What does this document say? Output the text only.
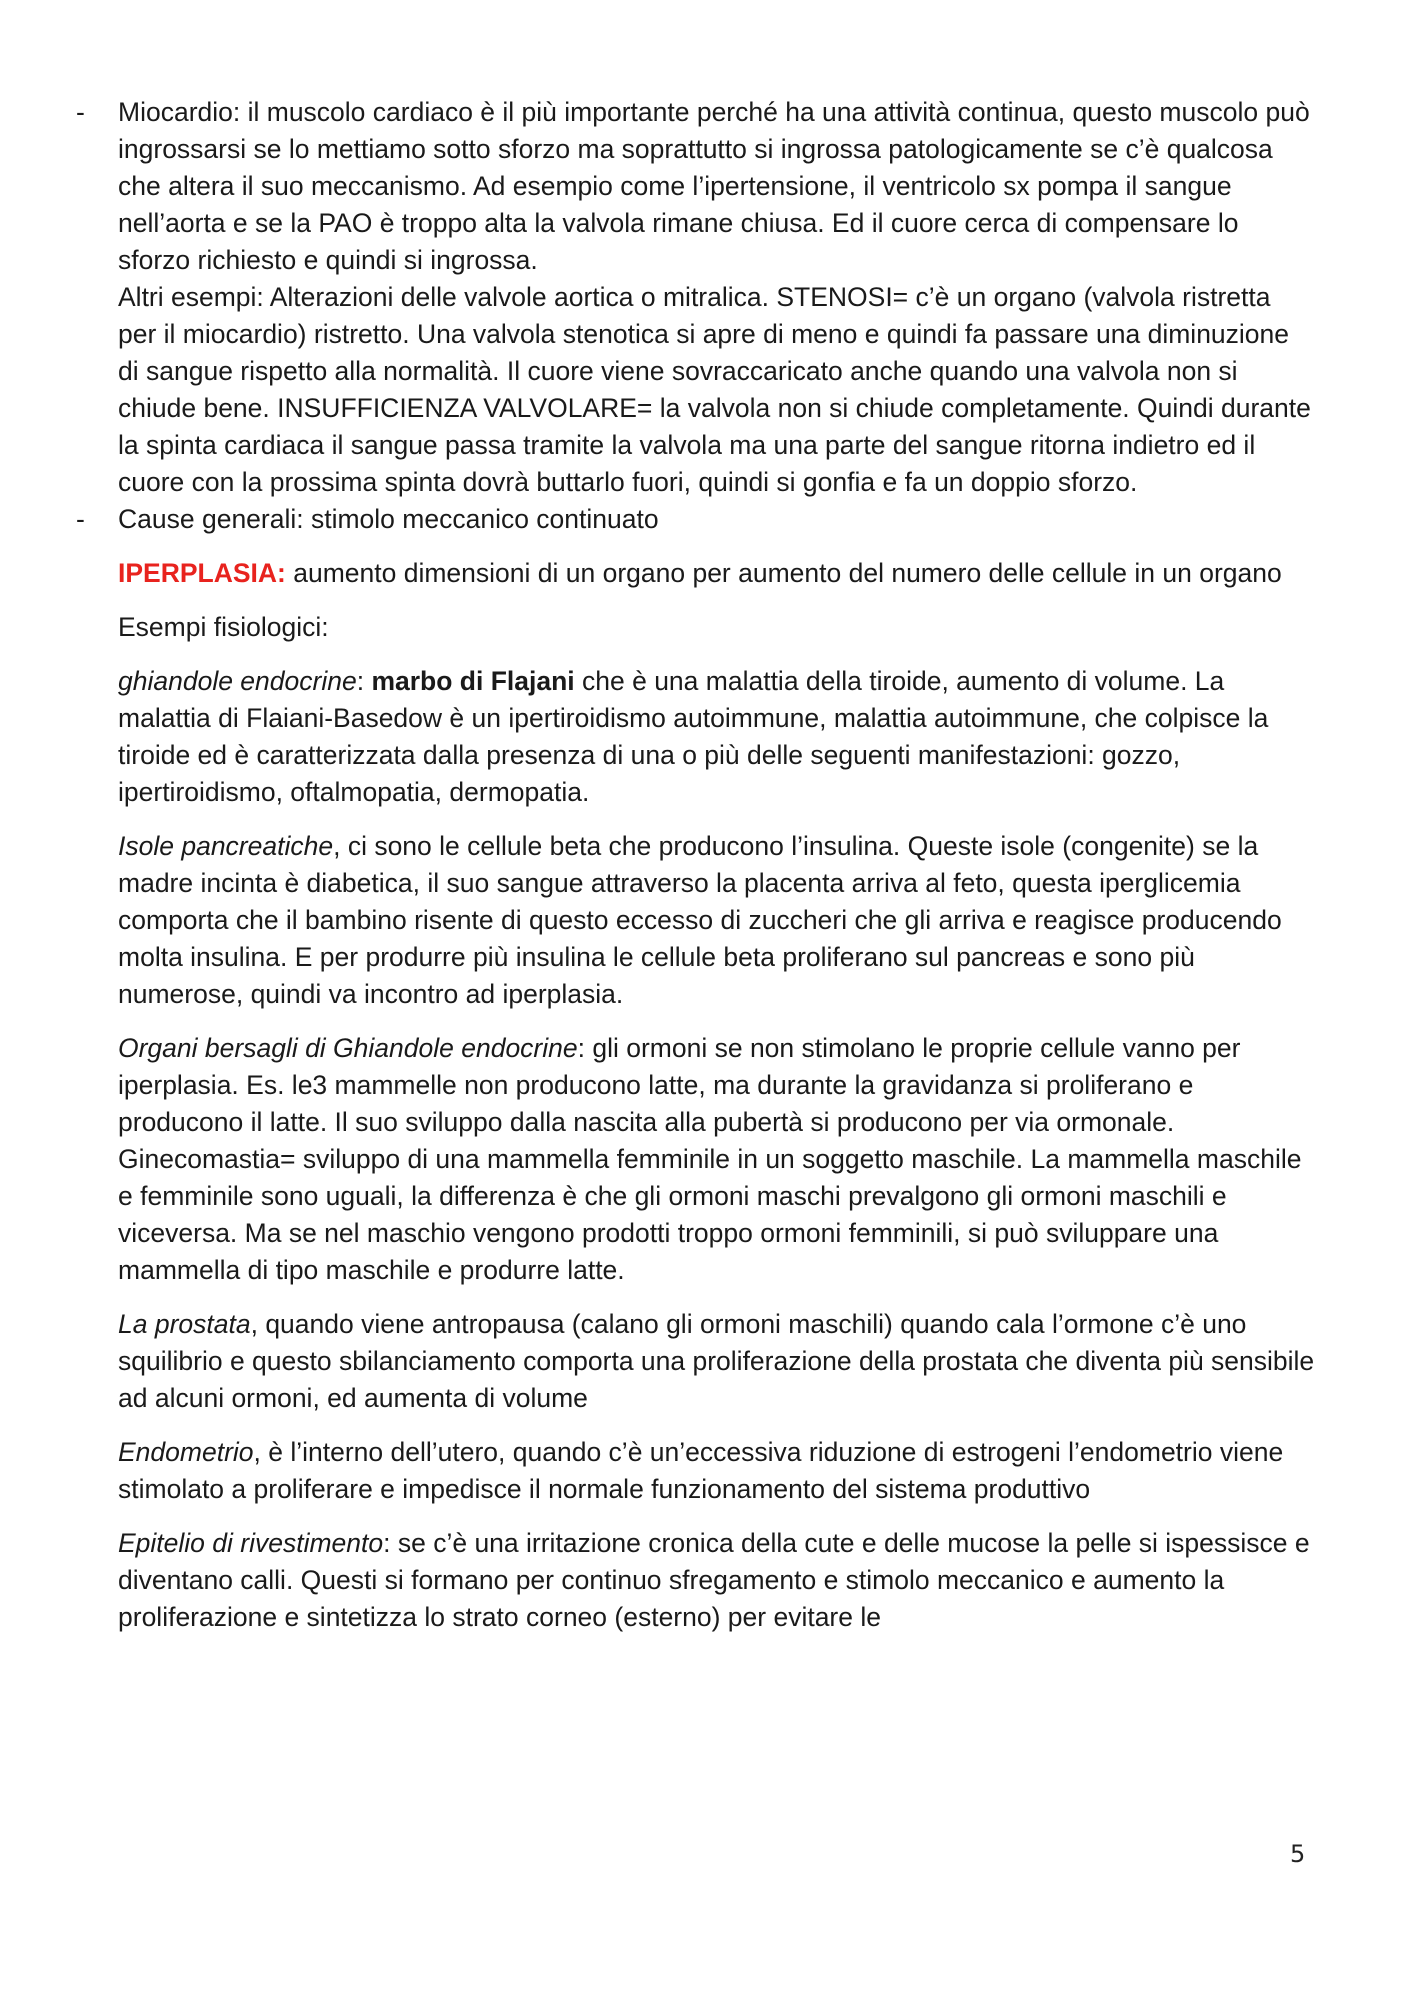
- Miocardio: il muscolo cardiaco è il più importante perché ha una attività continua, questo muscolo può ingrossarsi se lo mettiamo sotto sforzo ma soprattutto si ingrossa patologicamente se c’è qualcosa che altera il suo meccanismo. Ad esempio come l’ipertensione, il ventricolo sx pompa il sangue nell’aorta e se la PAO è troppo alta la valvola rimane chiusa. Ed il cuore cerca di compensare lo sforzo richiesto e quindi si ingrossa.
Altri esempi: Alterazioni delle valvole aortica o mitralica. STENOSI= c’è un organo (valvola ristretta per il miocardio) ristretto. Una valvola stenotica si apre di meno e quindi fa passare una diminuzione di sangue rispetto alla normalità. Il cuore viene sovraccaricato anche quando una valvola non si chiude bene. INSUFFICIENZA VALVOLARE= la valvola non si chiude completamente. Quindi durante la spinta cardiaca il sangue passa tramite la valvola ma una parte del sangue ritorna indietro ed il cuore con la prossima spinta dovrà buttarlo fuori, quindi si gonfia e fa un doppio sforzo.
- Cause generali: stimolo meccanico continuato
IPERPLASIA: aumento dimensioni di un organo per aumento del numero delle cellule in un organo
Esempi fisiologici:
ghiandole endocrine: marbo di Flajani che è una malattia della tiroide, aumento di volume. La malattia di Flaiani-Basedow è un ipertiroidismo autoimmune, malattia autoimmune, che colpisce la tiroide ed è caratterizzata dalla presenza di una o più delle seguenti manifestazioni: gozzo, ipertiroidismo, oftalmopatia, dermopatia.
Isole pancreatiche, ci sono le cellule beta che producono l’insulina. Queste isole (congenite) se la madre incinta è diabetica, il suo sangue attraverso la placenta arriva al feto, questa iperglicemia comporta che il bambino risente di questo eccesso di zuccheri che gli arriva e reagisce producendo molta insulina. E per produrre più insulina le cellule beta proliferano sul pancreas e sono più numerose, quindi va incontro ad iperplasia.
Organi bersagli di Ghiandole endocrine: gli ormoni se non stimolano le proprie cellule vanno per iperplasia. Es. le3 mammelle non producono latte, ma durante la gravidanza si proliferano e producono il latte. Il suo sviluppo dalla nascita alla pubertà si producono per via ormonale. Ginecomastia= sviluppo di una mammella femminile in un soggetto maschile. La mammella maschile e femminile sono uguali, la differenza è che gli ormoni maschi prevalgono gli ormoni maschili e viceversa. Ma se nel maschio vengono prodotti troppo ormoni femminili, si può sviluppare una mammella di tipo maschile e produrre latte.
La prostata, quando viene antropausa (calano gli ormoni maschili) quando cala l’ormone c’è uno squilibrio e questo sbilanciamento comporta una proliferazione della prostata che diventa più sensibile ad alcuni ormoni, ed aumenta di volume
Endometrio, è l’interno dell’utero, quando c’è un’eccessiva riduzione di estrogeni l’endometrio viene stimolato a proliferare e impedisce il normale funzionamento del sistema produttivo
Epitelio di rivestimento: se c’è una irritazione cronica della cute e delle mucose la pelle si ispessisce e diventano calli. Questi si formano per continuo sfregamento e stimolo meccanico e aumento la proliferazione e sintetizza lo strato corneo (esterno) per evitare le
5
